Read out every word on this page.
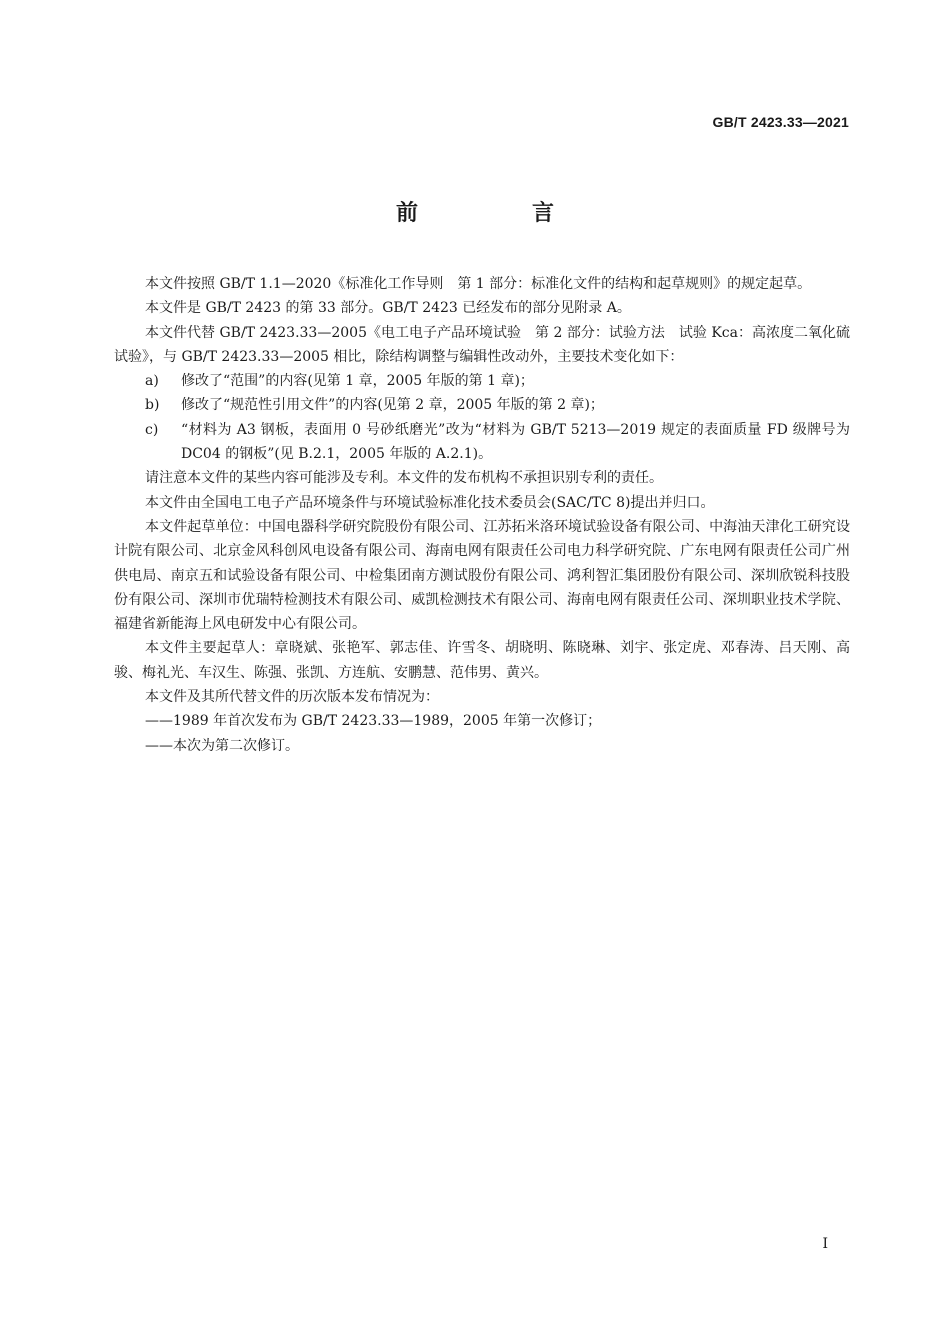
GB/T 2423.33—2021
前　言

本文件按照 GB/T 1.1—2020《标准化工作导则　第 1 部分：标准化文件的结构和起草规则》的规定起草。

本文件是 GB/T 2423 的第 33 部分。GB/T 2423 已经发布的部分见附录 A。

本文件代替 GB/T 2423.33—2005《电工电子产品环境试验　第 2 部分：试验方法　试验 Kca：高浓度二氧化硫试验》，与 GB/T 2423.33—2005 相比，除结构调整与编辑性改动外，主要技术变化如下：

a)	修改了“范围”的内容(见第 1 章，2005 年版的第 1 章)；
b)	修改了“规范性引用文件”的内容(见第 2 章，2005 年版的第 2 章)；
c)	“材料为 A3 钢板，表面用 0 号砂纸磨光”改为“材料为 GB/T 5213—2019 规定的表面质量 FD 级牌号为 DC04 的钢板”(见 B.2.1，2005 年版的 A.2.1)。

请注意本文件的某些内容可能涉及专利。本文件的发布机构不承担识别专利的责任。

本文件由全国电工电子产品环境条件与环境试验标准化技术委员会(SAC/TC 8)提出并归口。

本文件起草单位：中国电器科学研究院股份有限公司、江苏拓米洛环境试验设备有限公司、中海油天津化工研究设计院有限公司、北京金风科创风电设备有限公司、海南电网有限责任公司电力科学研究院、广东电网有限责任公司广州供电局、南京五和试验设备有限公司、中检集团南方测试股份有限公司、鸿利智汇集团股份有限公司、深圳欣锐科技股份有限公司、深圳市优瑞特检测技术有限公司、威凯检测技术有限公司、海南电网有限责任公司、深圳职业技术学院、福建省新能海上风电研发中心有限公司。

本文件主要起草人：章晓斌、张艳军、郭志佳、许雪冬、胡晓明、陈晓琳、刘宇、张定虎、邓春涛、吕天刚、高骏、梅礼光、车汉生、陈强、张凯、方连航、安鹏慧、范伟男、黄兴。

本文件及其所代替文件的历次版本发布情况为：

——1989 年首次发布为 GB/T 2423.33—1989，2005 年第一次修订；

——本次为第二次修订。

I
